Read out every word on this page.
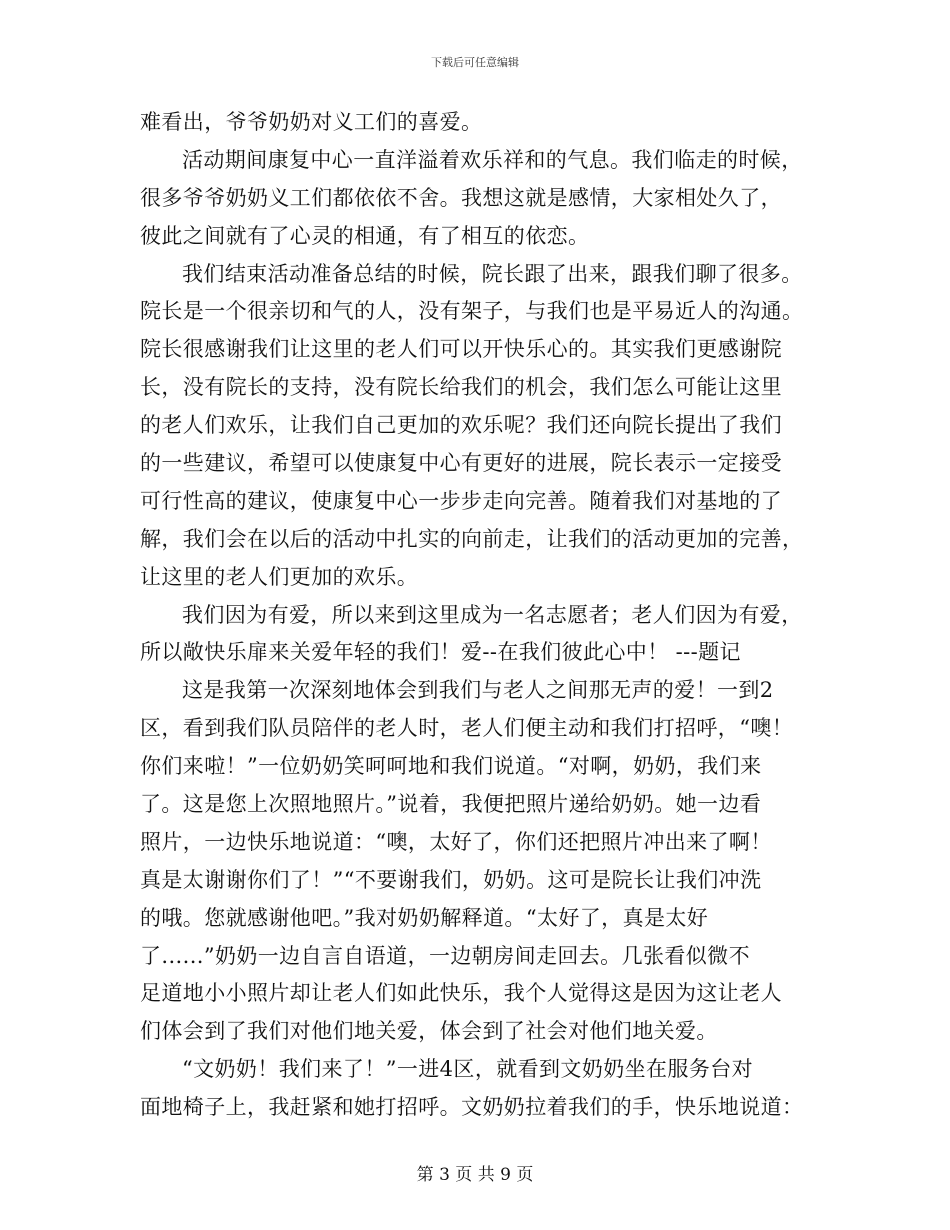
下载后可任意编辑
难看出，爷爷奶奶对义工们的喜爱。
活动期间康复中心一直洋溢着欢乐祥和的气息。我们临走的时候，
很多爷爷奶奶义工们都依依不舍。我想这就是感情，大家相处久了，
彼此之间就有了心灵的相通，有了相互的依恋。
我们结束活动准备总结的时候，院长跟了出来，跟我们聊了很多。
院长是一个很亲切和气的人，没有架子，与我们也是平易近人的沟通。
院长很感谢我们让这里的老人们可以开快乐心的。其实我们更感谢院
长，没有院长的支持，没有院长给我们的机会，我们怎么可能让这里
的老人们欢乐，让我们自己更加的欢乐呢？我们还向院长提出了我们
的一些建议，希望可以使康复中心有更好的进展，院长表示一定接受
可行性高的建议，使康复中心一步步走向完善。随着我们对基地的了
解，我们会在以后的活动中扎实的向前走，让我们的活动更加的完善，
让这里的老人们更加的欢乐。
我们因为有爱，所以来到这里成为一名志愿者；老人们因为有爱，
所以敞快乐扉来关爱年轻的我们！爱--在我们彼此心中！ ---题记
这是我第一次深刻地体会到我们与老人之间那无声的爱！一到2
区，看到我们队员陪伴的老人时，老人们便主动和我们打招呼，“噢！
你们来啦！”一位奶奶笑呵呵地和我们说道。“对啊，奶奶，我们来
了。这是您上次照地照片。”说着，我便把照片递给奶奶。她一边看
照片，一边快乐地说道：“噢，太好了，你们还把照片冲出来了啊！
真是太谢谢你们了！”“不要谢我们，奶奶。这可是院长让我们冲洗
的哦。您就感谢他吧。”我对奶奶解释道。“太好了，真是太好
了......”奶奶一边自言自语道，一边朝房间走回去。几张看似微不
足道地小小照片却让老人们如此快乐，我个人觉得这是因为这让老人
们体会到了我们对他们地关爱，体会到了社会对他们地关爱。
“文奶奶！我们来了！”一进4区，就看到文奶奶坐在服务台对
面地椅子上，我赶紧和她打招呼。文奶奶拉着我们的手，快乐地说道：
第 3 页 共 9 页
